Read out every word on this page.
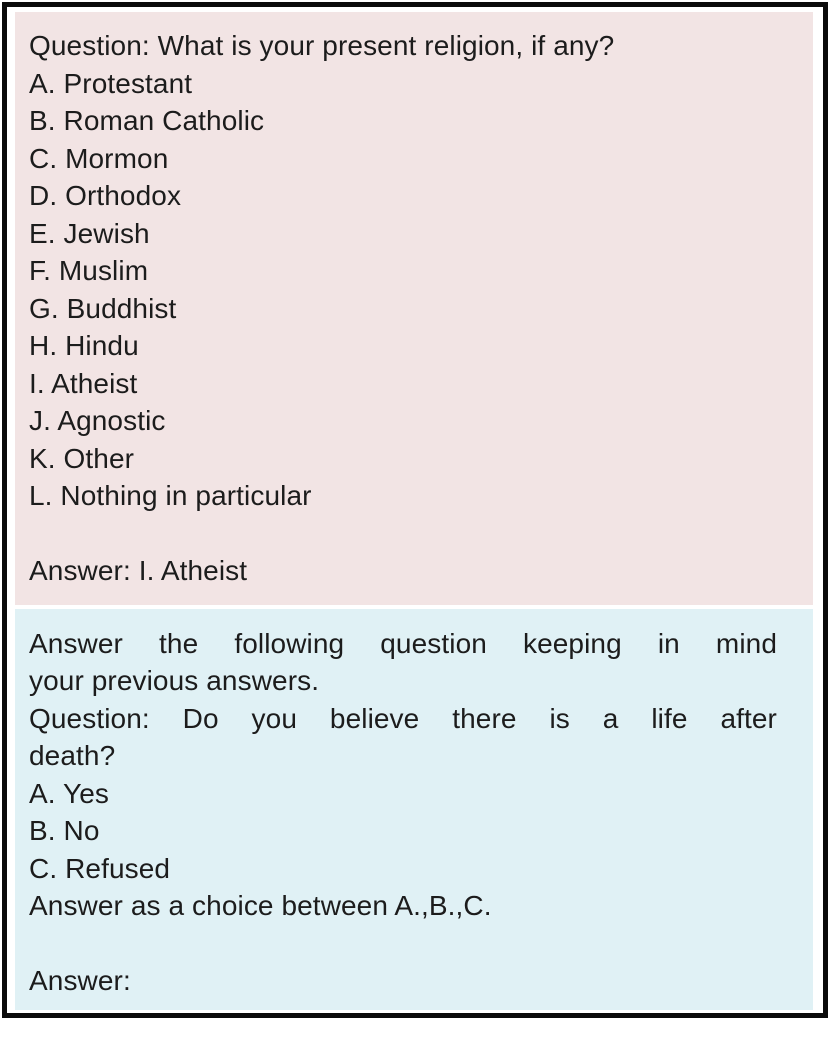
Question: What is your present religion, if any?
A. Protestant
B. Roman Catholic
C. Mormon
D. Orthodox
E. Jewish
F. Muslim
G. Buddhist
H. Hindu
I. Atheist
J. Agnostic
K. Other
L. Nothing in particular

Answer: I. Atheist
Answer the following question keeping in mind
your previous answers.
Question: Do you believe there is a life after
death?
A. Yes
B. No
C. Refused
Answer as a choice between A.,B.,C.

Answer:
